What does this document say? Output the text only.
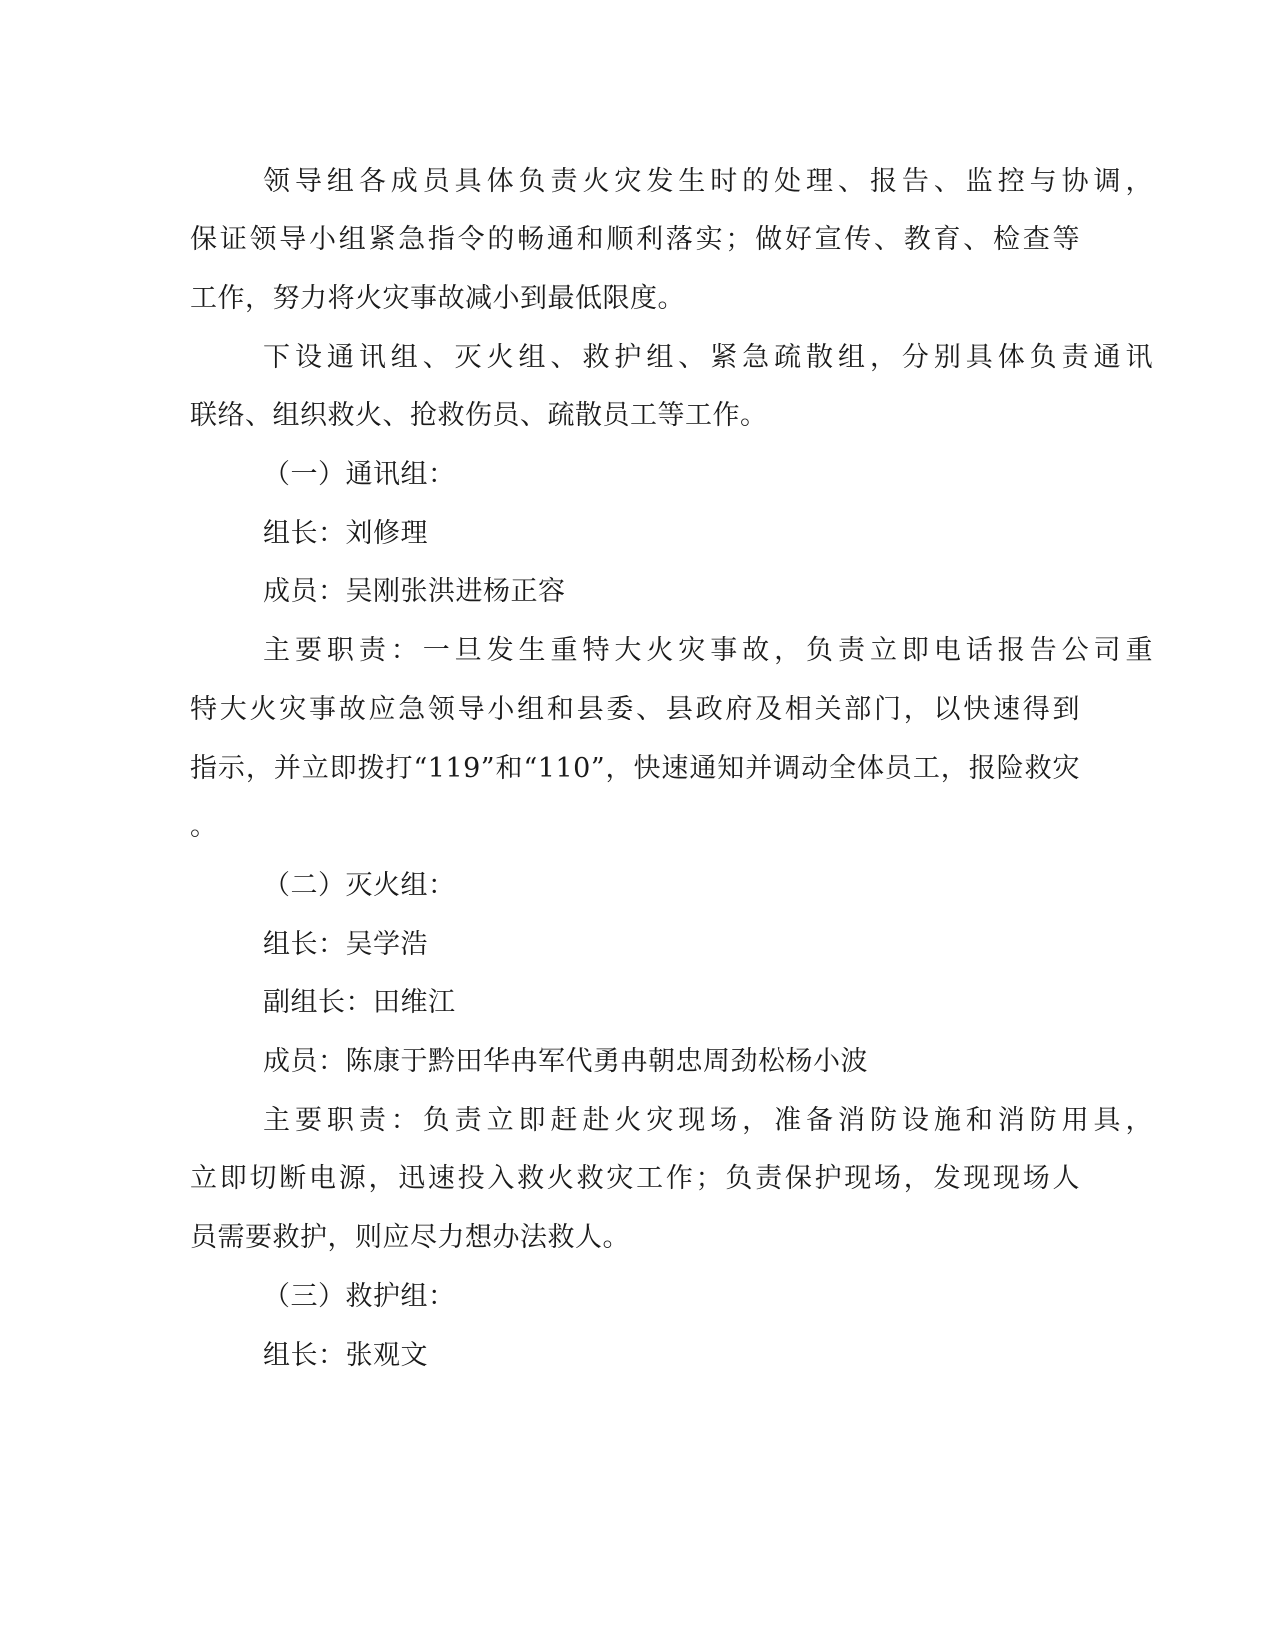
领导组各成员具体负责火灾发生时的处理、报告、监控与协调，

保证领导小组紧急指令的畅通和顺利落实；做好宣传、教育、检查等

工作，努力将火灾事故减小到最低限度。

下设通讯组、灭火组、救护组、紧急疏散组，分别具体负责通讯

联络、组织救火、抢救伤员、疏散员工等工作。

（一）通讯组：

组长：刘修理

成员：吴刚张洪进杨正容

主要职责：一旦发生重特大火灾事故，负责立即电话报告公司重

特大火灾事故应急领导小组和县委、县政府及相关部门，以快速得到

指示，并立即拨打“119”和“110”，快速通知并调动全体员工，报险救灾

。

（二）灭火组：

组长：吴学浩

副组长：田维江

成员：陈康于黔田华冉军代勇冉朝忠周劲松杨小波

主要职责：负责立即赶赴火灾现场，准备消防设施和消防用具，

立即切断电源，迅速投入救火救灾工作；负责保护现场，发现现场人

员需要救护，则应尽力想办法救人。

（三）救护组：

组长：张观文
